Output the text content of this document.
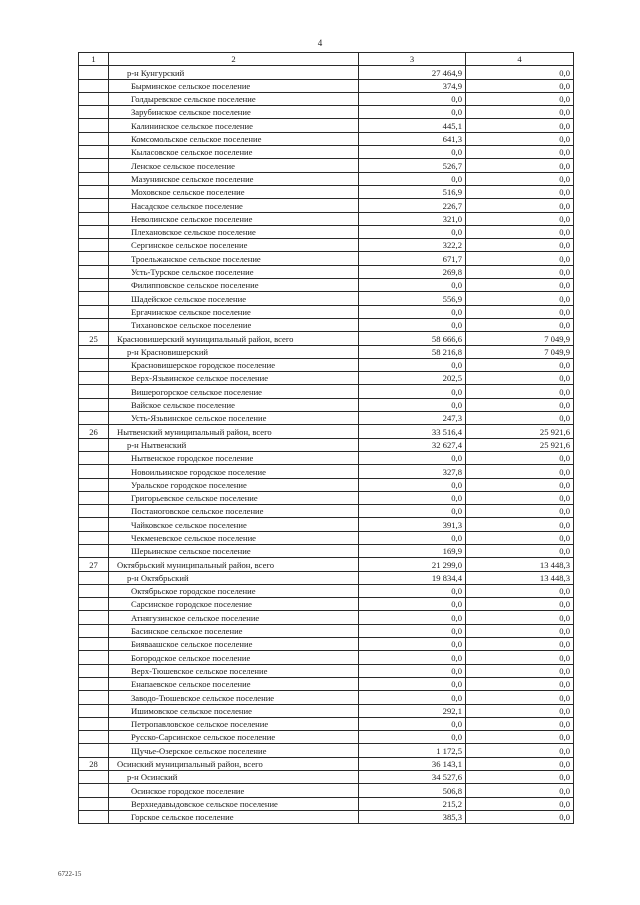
4
1	2	3	4
	р-н Кунгурский	27 464,9	0,0
	Бырминское сельское поселение	374,9	0,0
	Голдыревское сельское поселение	0,0	0,0
	Зарубинское сельское поселение	0,0	0,0
	Калининское сельское поселение	445,1	0,0
	Комсомольское сельское поселение	641,3	0,0
	Кыласовское сельское поселение	0,0	0,0
	Ленское сельское поселение	526,7	0,0
	Мазунинское сельское поселение	0,0	0,0
	Моховское сельское поселение	516,9	0,0
	Насадское сельское поселение	226,7	0,0
	Неволинское сельское поселение	321,0	0,0
	Плехановское сельское поселение	0,0	0,0
	Сергинское сельское поселение	322,2	0,0
	Троельжанское сельское поселение	671,7	0,0
	Усть-Турское сельское поселение	269,8	0,0
	Филипповское сельское поселение	0,0	0,0
	Шадейское сельское поселение	556,9	0,0
	Ергачинское сельское поселение	0,0	0,0
	Тихановское сельское поселение	0,0	0,0
25	Красновишерский муниципальный район, всего	58 666,6	7 049,9
	р-н Красновишерский	58 216,8	7 049,9
	Красновишерское городское поселение	0,0	0,0
	Верх-Язьвинское сельское поселение	202,5	0,0
	Вишерогорское сельское поселение	0,0	0,0
	Вайское сельское поселение	0,0	0,0
	Усть-Язьвинское сельское поселение	247,3	0,0
26	Нытвенский муниципальный район, всего	33 516,4	25 921,6
	р-н Нытвенский	32 627,4	25 921,6
	Нытвенское городское поселение	0,0	0,0
	Новоильинское городское поселение	327,8	0,0
	Уральское городское поселение	0,0	0,0
	Григорьевское сельское поселение	0,0	0,0
	Постаноговское сельское поселение	0,0	0,0
	Чайковское сельское поселение	391,3	0,0
	Чекменевское сельское поселение	0,0	0,0
	Шерьинское сельское поселение	169,9	0,0
27	Октябрьский муниципальный район, всего	21 299,0	13 448,3
	р-н Октябрьский	19 834,4	13 448,3
	Октябрьское городское поселение	0,0	0,0
	Сарсинское городское поселение	0,0	0,0
	Атнягузинское сельское поселение	0,0	0,0
	Басинское сельское поселение	0,0	0,0
	Бияваашское сельское поселение	0,0	0,0
	Богородское сельское поселение	0,0	0,0
	Верх-Тюшевское сельское поселение	0,0	0,0
	Енапаевское сельское поселение	0,0	0,0
	Заводо-Тюшевское сельское поселение	0,0	0,0
	Ишимовское сельское поселение	292,1	0,0
	Петропавловское сельское поселение	0,0	0,0
	Русско-Сарсинское сельское поселение	0,0	0,0
	Щучье-Озерское сельское поселение	1 172,5	0,0
28	Осинский муниципальный район, всего	36 143,1	0,0
	р-н Осинский	34 527,6	0,0
	Осинское городское поселение	506,8	0,0
	Верхнедавыдовское сельское поселение	215,2	0,0
	Горское сельское поселение	385,3	0,0
6722-15
